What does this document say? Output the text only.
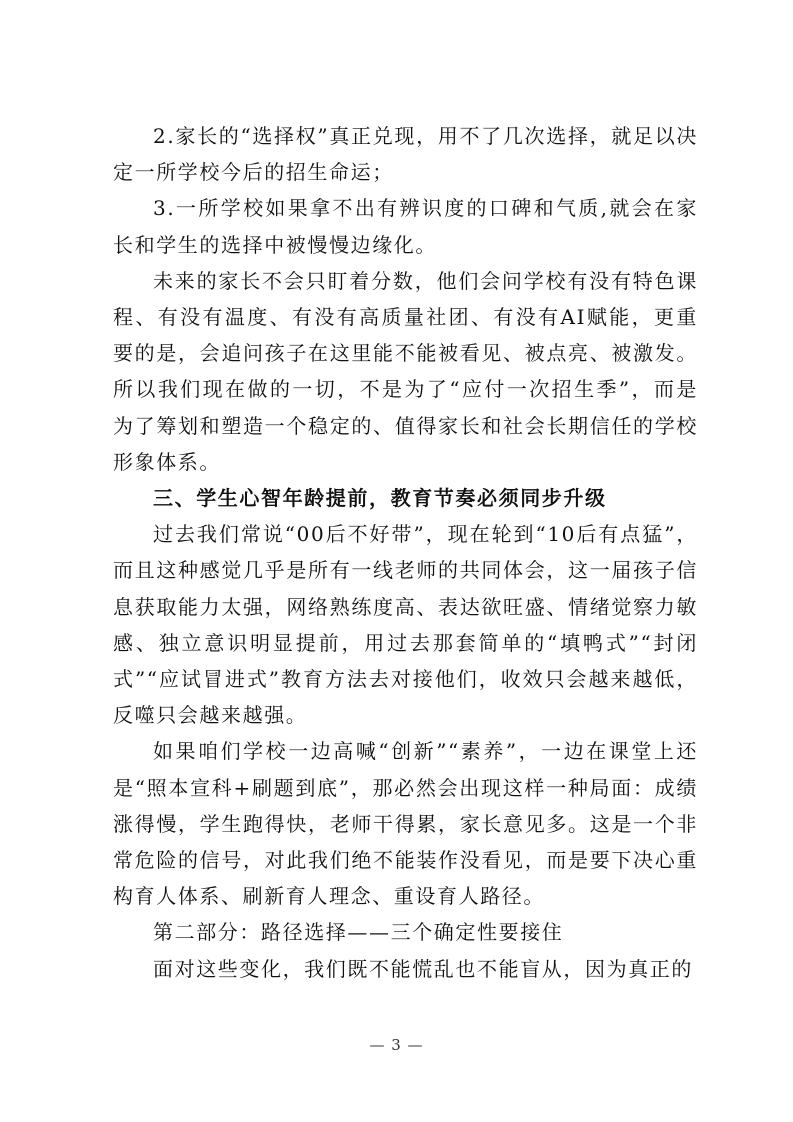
2.家长的“选择权”真正兑现，用不了几次选择，就足以决定一所学校今后的招生命运；

3.一所学校如果拿不出有辨识度的口碑和气质,就会在家长和学生的选择中被慢慢边缘化。

未来的家长不会只盯着分数，他们会问学校有没有特色课程、有没有温度、有没有高质量社团、有没有AI赋能，更重要的是，会追问孩子在这里能不能被看见、被点亮、被激发。所以我们现在做的一切，不是为了“应付一次招生季”，而是为了筹划和塑造一个稳定的、值得家长和社会长期信任的学校形象体系。

三、学生心智年龄提前，教育节奏必须同步升级

过去我们常说“00后不好带”，现在轮到“10后有点猛”，而且这种感觉几乎是所有一线老师的共同体会，这一届孩子信息获取能力太强，网络熟练度高、表达欲旺盛、情绪觉察力敏感、独立意识明显提前，用过去那套简单的“填鸭式”“封闭式”“应试冒进式”教育方法去对接他们，收效只会越来越低，反噬只会越来越强。

如果咱们学校一边高喊“创新”“素养”，一边在课堂上还是“照本宣科+刷题到底”，那必然会出现这样一种局面：成绩涨得慢，学生跑得快，老师干得累，家长意见多。这是一个非常危险的信号，对此我们绝不能装作没看见，而是要下决心重构育人体系、刷新育人理念、重设育人路径。

第二部分：路径选择——三个确定性要接住

面对这些变化，我们既不能慌乱也不能盲从，因为真正的

— 3 —
